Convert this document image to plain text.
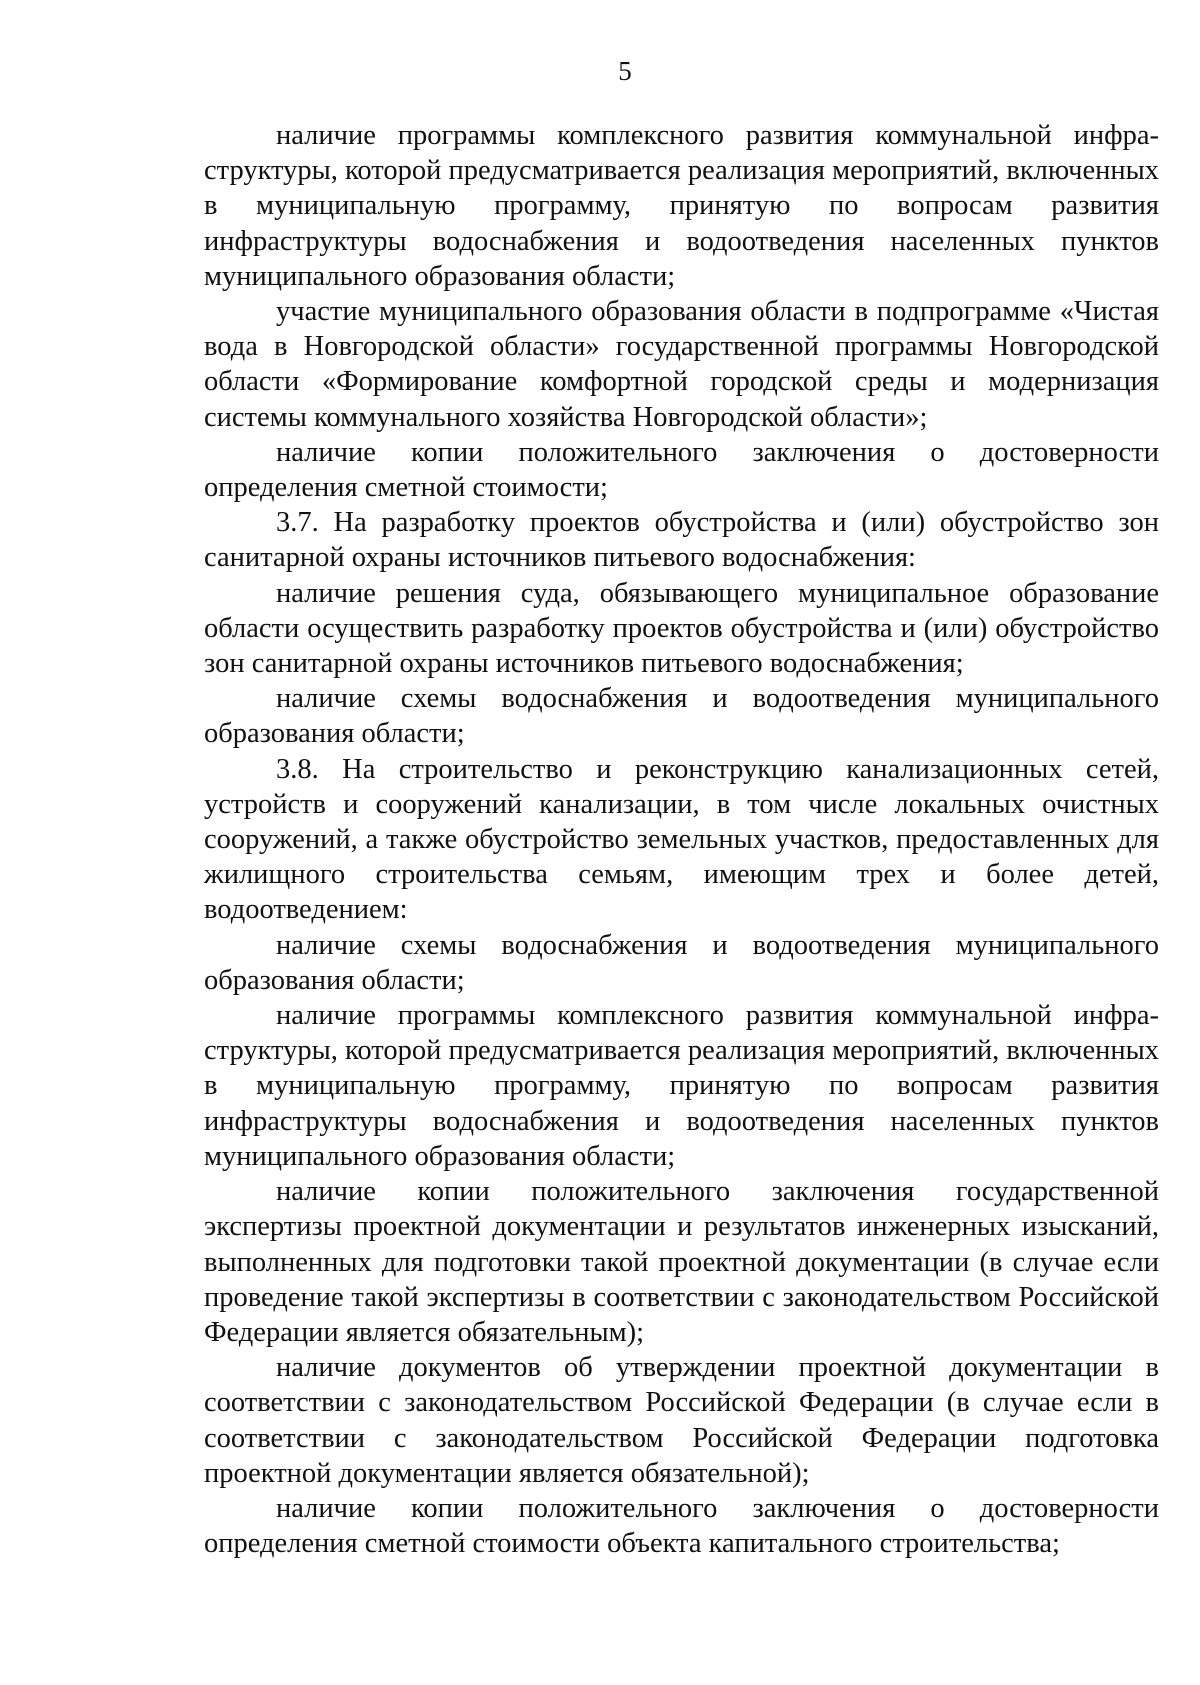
5

наличие программы комплексного развития коммунальной инфраструктуры, которой предусматривается реализация мероприятий, включенных в муниципальную программу, принятую по вопросам развития инфраструктуры водоснабжения и водоотведения населенных пунктов муниципального образования области;

участие муниципального образования области в подпрограмме «Чистая вода в Новгородской области» государственной программы Новгородской области «Формирование комфортной городской среды и модернизация системы коммунального хозяйства Новгородской области»;

наличие копии положительного заключения о достоверности определения сметной стоимости;

3.7. На разработку проектов обустройства и (или) обустройство зон санитарной охраны источников питьевого водоснабжения:

наличие решения суда, обязывающего муниципальное образование области осуществить разработку проектов обустройства и (или) обустройство зон санитарной охраны источников питьевого водоснабжения;

наличие схемы водоснабжения и водоотведения муниципального образования области;

3.8. На строительство и реконструкцию канализационных сетей, устройств и сооружений канализации, в том числе локальных очистных сооружений, а также обустройство земельных участков, предоставленных для жилищного строительства семьям, имеющим трех и более детей, водоотведением:

наличие схемы водоснабжения и водоотведения муниципального образования области;

наличие программы комплексного развития коммунальной инфраструктуры, которой предусматривается реализация мероприятий, включенных в муниципальную программу, принятую по вопросам развития инфраструктуры водоснабжения и водоотведения населенных пунктов муниципального образования области;

наличие копии положительного заключения государственной экспертизы проектной документации и результатов инженерных изысканий, выполненных для подготовки такой проектной документации (в случае если проведение такой экспертизы в соответствии с законодательством Российской Федерации является обязательным);

наличие документов об утверждении проектной документации в соответствии с законодательством Российской Федерации (в случае если в соответствии с законодательством Российской Федерации подготовка проектной документации является обязательной);

наличие копии положительного заключения о достоверности определения сметной стоимости объекта капитального строительства;
